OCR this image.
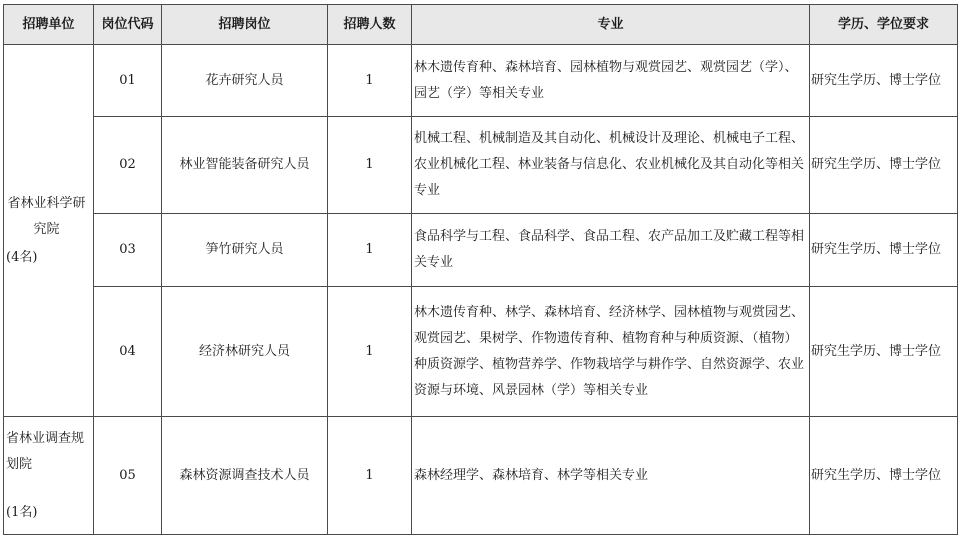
招聘单位	岗位代码	招聘岗位	招聘人数	专业	学历、学位要求

省林业科学研究院
(4名)	01	花卉研究人员	1	林木遗传育种、森林培育、园林植物与观赏园艺、观赏园艺（学）、园艺（学）等相关专业	研究生学历、博士学位
	02	林业智能装备研究人员	1	机械工程、机械制造及其自动化、机械设计及理论、机械电子工程、农业机械化工程、林业装备与信息化、农业机械化及其自动化等相关专业	研究生学历、博士学位
	03	笋竹研究人员	1	食品科学与工程、食品科学、食品工程、农产品加工及贮藏工程等相关专业	研究生学历、博士学位
	04	经济林研究人员	1	林木遗传育种、林学、森林培育、经济林学、园林植物与观赏园艺、观赏园艺、果树学、作物遗传育种、植物育种与种质资源、（植物）种质资源学、植物营养学、作物栽培学与耕作学、自然资源学、农业资源与环境、风景园林（学）等相关专业	研究生学历、博士学位

省林业调查规划院
(1名)	05	森林资源调查技术人员	1	森林经理学、森林培育、林学等相关专业	研究生学历、博士学位
